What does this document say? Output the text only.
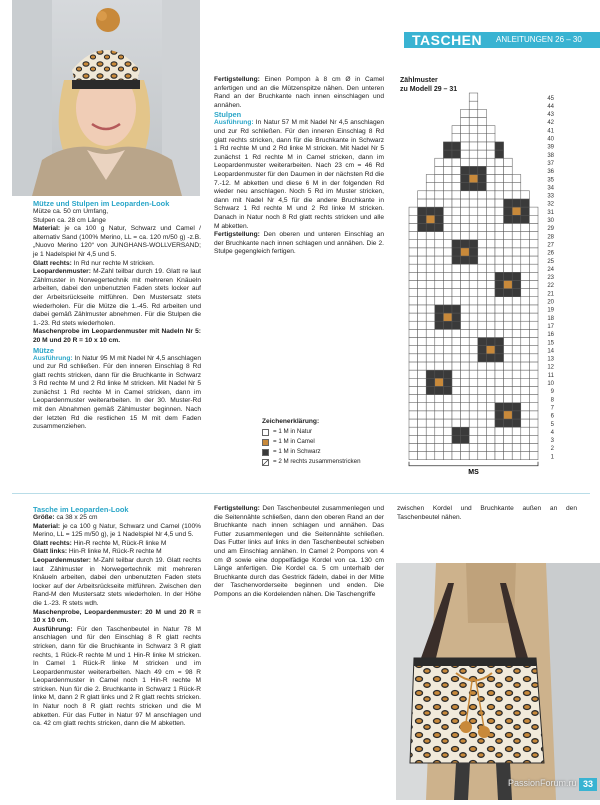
TASCHEN ANLEITUNGEN 26 – 30

Mütze und Stulpen im Leoparden-Look

Mütze ca. 50 cm Umfang,

Stulpen ca. 28 cm Länge

Material: je ca 100 g Natur, Schwarz und Camel / alternativ Sand (100% Merino, LL = ca. 120 m/50 g) -z.B. „Nuovo Merino 120“ von JUNGHANS-WOLLVERSAND; je 1 Nadelspiel Nr 4,5 und 5.

Glatt rechts: In Rd nur rechte M stricken.

Leopardenmuster: M-Zahl teilbar durch 19. Glatt re laut Zählmuster in Norwegertechnik mit mehreren Knäueln arbeiten, dabei den unbenutzten Faden stets locker auf der Arbeitsrückseite mitführen. Den Mustersatz stets wiederholen. Für die Mütze die 1.-45. Rd arbeiten und dabei gemäß Zählmuster abnehmen. Für die Stulpen die 1.-23. Rd stets wiederholen.

Maschenprobe im Leopardenmuster mit Nadeln Nr 5: 20 M und 20 R = 10 x 10 cm.

Mütze

Ausführung: In Natur 95 M mit Nadel Nr 4,5 anschlagen und zur Rd schließen. Für den inneren Einschlag 8 Rd glatt rechts stricken, dann für die Bruchkante in Schwarz 3 Rd rechte M und 2 Rd linke M stricken. Mit Nadel Nr 5 zunächst 1 Rd rechte M in Camel stricken, dann im Leopardenmuster weiterarbeiten. In der 30. Muster-Rd mit den Abnahmen gemäß Zählmuster beginnen. Nach der letzten Rd die restlichen 15 M mit dem Faden zusammenziehen.

Fertigstellung: Einen Pompon à 8 cm Ø in Camel anfertigen und an die Mützenspitze nähen. Den unteren Rand an der Bruchkante nach innen einschlagen und annähen.

Stulpen

Ausführung: In Natur 57 M mit Nadel Nr 4,5 anschlagen und zur Rd schließen. Für den inneren Einschlag 8 Rd glatt rechts stricken, dann für die Bruchkante in Schwarz 1 Rd rechte M und 2 Rd linke M stricken. Mit Nadel Nr 5 zunächst 1 Rd rechte M in Camel stricken, dann im Leopardenmuster weiterarbeiten. Nach 23 cm = 46 Rd Leopardenmuster für den Daumen in der nächsten Rd die 7.-12. M abketten und diese 6 M in der folgenden Rd wieder neu anschlagen. Noch 5 Rd im Muster stricken, dann mit Nadel Nr 4,5 für die andere Bruchkante in Schwarz 1 Rd rechte M und 2 Rd linke M stricken. Danach in Natur noch 8 Rd glatt rechts stricken und alle M abketten.

Fertigstellung: Den oberen und unteren Einschlag an der Bruchkante nach innen schlagen und annähen. Die 2. Stulpe gegengleich fertigen.

Zählmuster
zu Modell 29 – 31
1
2
3
4
5
6
7
8
9
10
11
12
13
14
15
16
17
18
19
20
21
22
23
24
25
26
27
28
29
30
31
32
33
34
35
36
37
38
39
40
41
42
43
44
45
MS
Zeichenerklärung:
= 1 M in Natur
= 1 M in Camel
= 1 M in Schwarz
= 2 M rechts zusammenstricken

Tasche im Leoparden-Look

Größe: ca 38 x 25 cm

Material: je ca 100 g Natur, Schwarz und Camel (100% Merino, LL = 125 m/50 g), je 1 Nadelspiel Nr 4,5 und 5.

Glatt rechts: Hin-R rechte M, Rück-R linke M

Glatt links: Hin-R linke M, Rück-R rechte M

Leopardenmuster: M-Zahl teilbar durch 19. Glatt rechts laut Zählmuster in Norwegertechnik mit mehreren Knäueln arbeiten, dabei den unbenutzten Faden stets locker auf der Arbeitsrückseite mitführen. Zwischen den Rand-M den Mustersatz stets wiederholen. In der Höhe die 1.-23. R stets wdh.

Maschenprobe, Leopardenmuster: 20 M und 20 R = 10 x 10 cm.

Ausführung: Für den Taschenbeutel in Natur 78 M anschlagen und für den Einschlag 8 R glatt rechts stricken, dann für die Bruchkante in Schwarz 3 R glatt rechts, 1 Rück-R rechte M und 1 Hin-R linke M stricken. In Camel 1 Rück-R linke M stricken und im Leopardenmuster weiterarbeiten. Nach 49 cm = 98 R Leopardenmuster in Camel noch 1 Hin-R rechte M stricken. Nun für die 2. Bruchkante in Schwarz 1 Rück-R linke M, dann 2 R glatt links und 2 R glatt rechts stricken. In Natur noch 8 R glatt rechts stricken und die M abketten. Für das Futter in Natur 97 M anschlagen und ca. 42 cm glatt rechts stricken, dann die M abketten.

Fertigstellung: Den Taschenbeutel zusammenlegen und die Seitennähte schließen, dann den oberen Rand an der Bruchkante nach innen schlagen und annähen. Das Futter zusammenlegen und die Seitennähte schließen. Das Futter links auf links in den Taschenbeutel schieben und am Einschlag annähen. In Camel 2 Pompons von 4 cm Ø sowie eine doppelfädige Kordel von ca. 130 cm Länge anfertigen. Die Kordel ca. 5 cm unterhalb der Bruchkante durch das Gestrick fädeln, dabei in der Mitte der Taschenvorderseite beginnen und enden. Die Pompons an die Kordelenden nähen. Die Taschengriffe

zwischen Kordel und Bruchkante außen an den Taschenbeutel nähen.

PassionForum.ru 33
